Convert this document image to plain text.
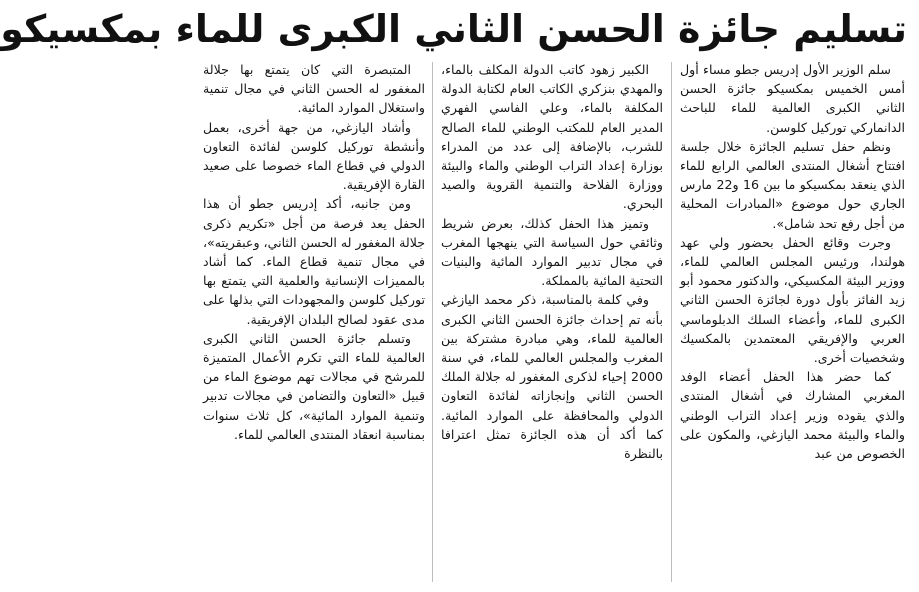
تسليم جائزة الحسن الثاني الكبرى للماء بمكسيكو

سلم الوزير الأول إدريس جطو مساء أول أمس الخميس بمكسيكو جائزة الحسن الثاني الكبرى العالمية للماء للباحث الدانماركي توركيل كلوسن.

ونظم حفل تسليم الجائزة خلال جلسة افتتاح أشغال المنتدى العالمي الرابع للماء الذي ينعقد بمكسيكو ما بين 16 و22 مارس الجاري حول موضوع «المبادرات المحلية من أجل رفع تحد شامل».

وجرت وقائع الحفل بحضور ولي عهد هولندا، ورئيس المجلس العالمي للماء، ووزير البيئة المكسيكي، والدكتور محمود أبو زيد الفائز بأول دورة لجائزة الحسن الثاني الكبرى للماء، وأعضاء السلك الدبلوماسي العربي والإفريقي المعتمدين بالمكسيك وشخصيات أخرى.

كما حضر هذا الحفل أعضاء الوفد المغربي المشارك في أشغال المنتدى والذي يقوده وزير إعداد التراب الوطني والماء والبيئة محمد اليازغي، والمكون على الخصوص من عبد

الكبير زهود كاتب الدولة المكلف بالماء، والمهدي بنزكري الكاتب العام لكتابة الدولة المكلفة بالماء، وعلي الفاسي الفهري المدير العام للمكتب الوطني للماء الصالح للشرب، بالإضافة إلى عدد من المدراء بوزارة إعداد التراب الوطني والماء والبيئة ووزارة الفلاحة والتنمية القروية والصيد البحري.

وتميز هذا الحفل كذلك، بعرض شريط وثائقي حول السياسة التي ينهجها المغرب في مجال تدبير الموارد المائية والبنيات التحتية المائية بالمملكة.

وفي كلمة بالمناسبة، ذكر محمد اليازغي بأنه تم إحداث جائزة الحسن الثاني الكبرى العالمية للماء، وهي مبادرة مشتركة بين المغرب والمجلس العالمي للماء، في سنة 2000 إحياء لذكرى المغفور له جلالة الملك الحسن الثاني وإنجازاته لفائدة التعاون الدولي والمحافظة على الموارد المائية. كما أكد أن هذه الجائزة تمثل اعترافا بالنظرة

المتبصرة التي كان يتمتع بها جلالة المغفور له الحسن الثاني في مجال تنمية واستغلال الموارد المائية.

وأشاد اليازغي، من جهة أخرى، بعمل وأنشطة توركيل كلوسن لفائدة التعاون الدولي في قطاع الماء خصوصا على صعيد القارة الإفريقية.

ومن جانبه، أكد إدريس جطو أن هذا الحفل يعد فرصة من أجل «تكريم ذكرى جلالة المغفور له الحسن الثاني، وعبقريته»، في مجال تنمية قطاع الماء. كما أشاد بالمميزات الإنسانية والعلمية التي يتمتع بها توركيل كلوسن والمجهودات التي بذلها على مدى عقود لصالح البلدان الإفريقية.

وتسلم جائزة الحسن الثاني الكبرى العالمية للماء التي تكرم الأعمال المتميزة للمرشح في مجالات تهم موضوع الماء من قبيل «التعاون والتضامن في مجالات تدبير وتنمية الموارد المائية»، كل ثلاث سنوات بمناسبة انعقاد المنتدى العالمي للماء.
